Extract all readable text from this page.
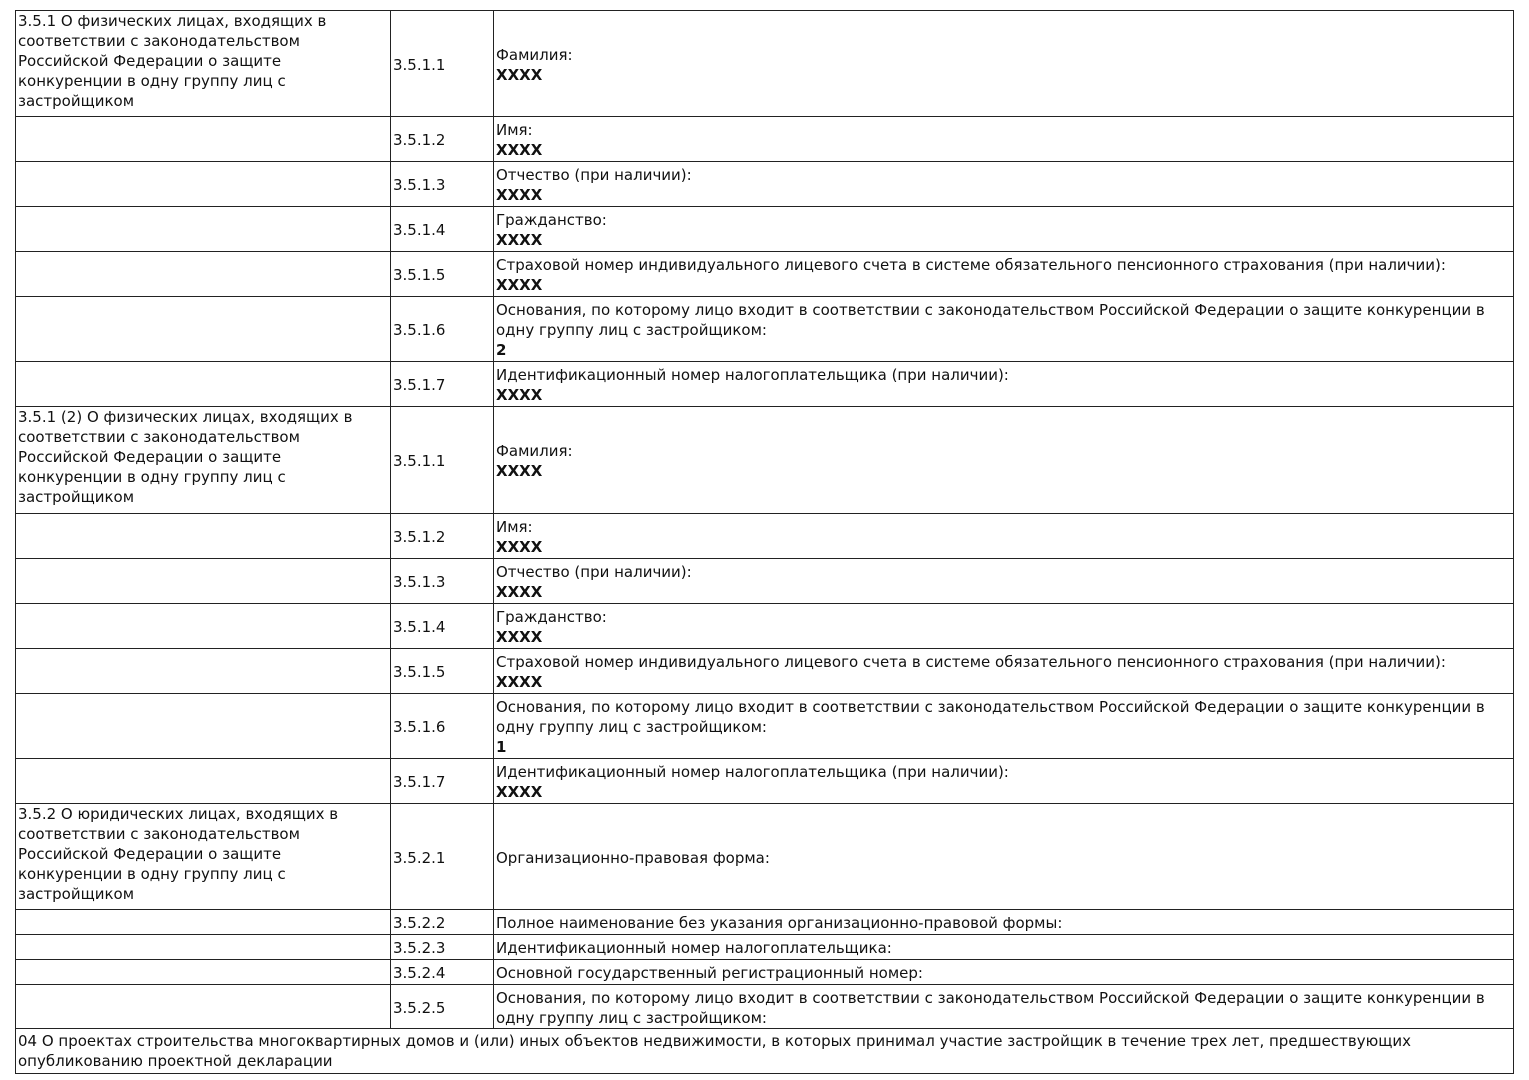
3.5.1 О физических лицах, входящих в соответствии с законодательством Российской Федерации о защите конкуренции в одну группу лиц с застройщиком	3.5.1.1	Фамилия:
XXXX

	3.5.1.2	Имя:
XXXX

	3.5.1.3	Отчество (при наличии):
XXXX

	3.5.1.4	Гражданство:
XXXX

	3.5.1.5	Страховой номер индивидуального лицевого счета в системе обязательного пенсионного страхования (при наличии):
XXXX

	3.5.1.6	Основания, по которому лицо входит в соответствии с законодательством Российской Федерации о защите конкуренции в одну группу лиц с застройщиком:
2

	3.5.1.7	Идентификационный номер налогоплательщика (при наличии):
XXXX

3.5.1 (2) О физических лицах, входящих в соответствии с законодательством Российской Федерации о защите конкуренции в одну группу лиц с застройщиком	3.5.1.1	Фамилия:
XXXX

	3.5.1.2	Имя:
XXXX

	3.5.1.3	Отчество (при наличии):
XXXX

	3.5.1.4	Гражданство:
XXXX

	3.5.1.5	Страховой номер индивидуального лицевого счета в системе обязательного пенсионного страхования (при наличии):
XXXX

	3.5.1.6	Основания, по которому лицо входит в соответствии с законодательством Российской Федерации о защите конкуренции в одну группу лиц с застройщиком:
1

	3.5.1.7	Идентификационный номер налогоплательщика (при наличии):
XXXX

3.5.2 О юридических лицах, входящих в соответствии с законодательством Российской Федерации о защите конкуренции в одну группу лиц с застройщиком	3.5.2.1	Организационно-правовая форма:

	3.5.2.2	Полное наименование без указания организационно-правовой формы:

	3.5.2.3	Идентификационный номер налогоплательщика:

	3.5.2.4	Основной государственный регистрационный номер:

	3.5.2.5	Основания, по которому лицо входит в соответствии с законодательством Российской Федерации о защите конкуренции в одну группу лиц с застройщиком:

04 О проектах строительства многоквартирных домов и (или) иных объектов недвижимости, в которых принимал участие застройщик в течение трех лет, предшествующих опубликованию проектной декларации		
